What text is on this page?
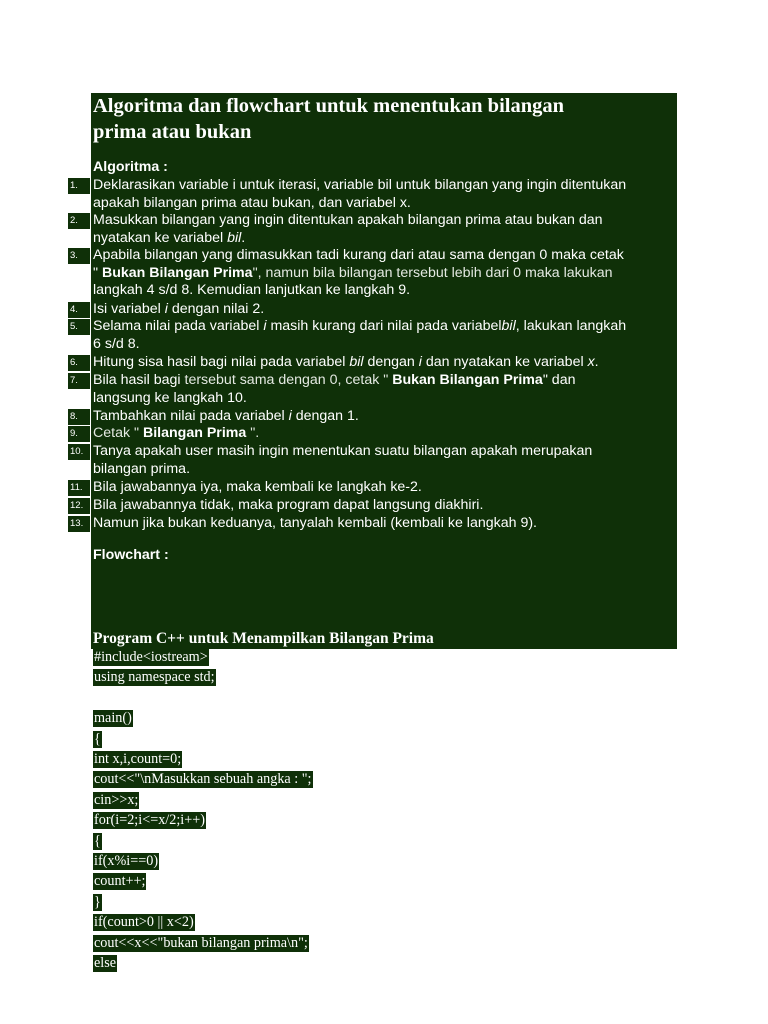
Algoritma dan flowchart untuk menentukan bilangan
prima atau bukan
Algoritma :
1.	Deklarasikan variable i untuk iterasi, variable bil untuk bilangan yang ingin ditentukan
apakah bilangan prima atau bukan, dan variabel x.
2.	Masukkan bilangan yang ingin ditentukan apakah bilangan prima atau bukan dan
nyatakan ke variabel bil.
3.	Apabila bilangan yang dimasukkan tadi kurang dari atau sama dengan 0 maka cetak
" Bukan Bilangan Prima", namun bila bilangan tersebut lebih dari 0 maka lakukan
langkah 4 s/d 8. Kemudian lanjutkan ke langkah 9.
4.	Isi variabel i dengan nilai 2.
5.	Selama nilai pada variabel i masih kurang dari nilai pada variabelbil, lakukan langkah
6 s/d 8.
6.	Hitung sisa hasil bagi nilai pada variabel bil dengan i dan nyatakan ke variabel x.
7.	Bila hasil bagi tersebut sama dengan 0, cetak " Bukan Bilangan Prima" dan
langsung ke langkah 10.
8.	Tambahkan nilai pada variabel i dengan 1.
9.	Cetak " Bilangan Prima ".
10. Tanya apakah user masih ingin menentukan suatu bilangan apakah merupakan
bilangan prima.
11. Bila jawabannya iya, maka kembali ke langkah ke-2.
12. Bila jawabannya tidak, maka program dapat langsung diakhiri.
13. Namun jika bukan keduanya, tanyalah kembali (kembali ke langkah 9).
Flowchart :
Program C++ untuk Menampilkan Bilangan Prima
#include<iostream>
using namespace std;
main()
{
int x,i,count=0;
cout<<"\nMasukkan sebuah angka : ";
cin>>x;
for(i=2;i<=x/2;i++)
{
if(x%i==0)
count++;
}
if(count>0 || x<2)
cout<<x<<"bukan bilangan prima\n";
else
